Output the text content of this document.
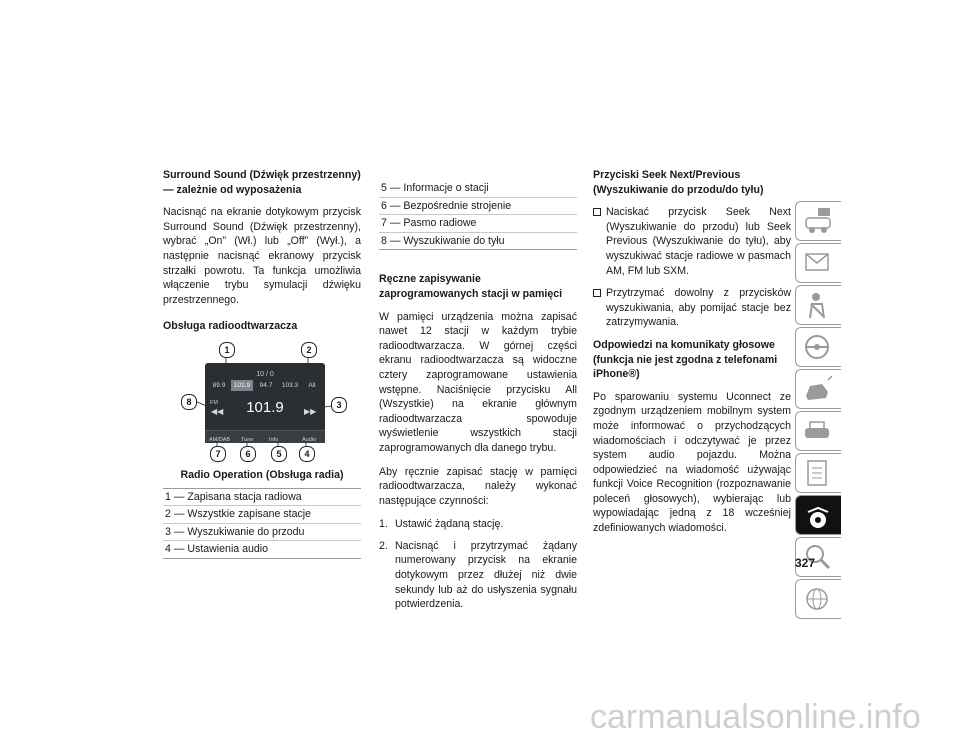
Surround Sound (Dźwięk przestrzenny) — zależnie od wyposażenia

Nacisnąć na ekranie dotykowym przycisk Surround Sound (Dźwięk przestrzenny), wybrać „On” (Wł.) lub „Off” (Wył.), a następnie nacisnąć ekranowy przycisk strzałki powrotu. Ta funkcja umożliwia włączenie trybu symulacji dźwięku przestrzennego.

Obsługa radioodtwarzacza
10 / 0
89.9	101.9	94.7	103.3	All
FM
◀◀	101.9	▶▶
AM/DAB Tune	Info	Audio
1	2
3
4
5
6
7
8
Radio Operation (Obsługa radia)
1 — Zapisana stacja radiowa
2 — Wszystkie zapisane stacje
3 — Wyszukiwanie do przodu
4 — Ustawienia audio
5 — Informacje o stacji
6 — Bezpośrednie strojenie
7 — Pasmo radiowe
8 — Wyszukiwanie do tyłu
Ręczne zapisywanie zaprogramowanych stacji w pamięci

W pamięci urządzenia można zapisać nawet 12 stacji w każdym trybie radioodtwarzacza. W górnej części ekranu radioodtwarzacza są widoczne cztery zaprogramowane ustawienia wstępne. Naciśnięcie przycisku All (Wszystkie) na ekranie głównym radioodtwarzacza spowoduje wyświetlenie wszystkich stacji zaprogramowanych dla danego trybu.

Aby ręcznie zapisać stację w pamięci radioodtwarzacza, należy wykonać następujące czynności:

1. Ustawić żądaną stację.
2. Nacisnąć i przytrzymać żądany numerowany przycisk na ekranie dotykowym przez dłużej niż dwie sekundy lub aż do usłyszenia sygnału potwierdzenia.
Przyciski Seek Next/Previous (Wyszukiwanie do przodu/do tyłu)
Naciskać przycisk Seek Next (Wyszukiwanie do przodu) lub Seek Previous (Wyszukiwanie do tyłu), aby wyszukiwać stacje radiowe w pasmach AM, FM lub SXM.
Przytrzymać dowolny z przycisków wyszukiwania, aby pomijać stacje bez zatrzymywania.
Odpowiedzi na komunikaty głosowe (funkcja nie jest zgodna z telefonami iPhone®)

Po sparowaniu systemu Uconnect ze zgodnym urządzeniem mobilnym system może informować o przychodzących wiadomościach i odczytywać je przez system audio pojazdu. Można odpowiedzieć na wiadomość używając funkcji Voice Recognition (rozpoznawanie poleceń głosowych), wybierając lub wypowiadając jedną z 18 wcześniej zdefiniowanych wiadomości.

327
carmanualsonline.info
